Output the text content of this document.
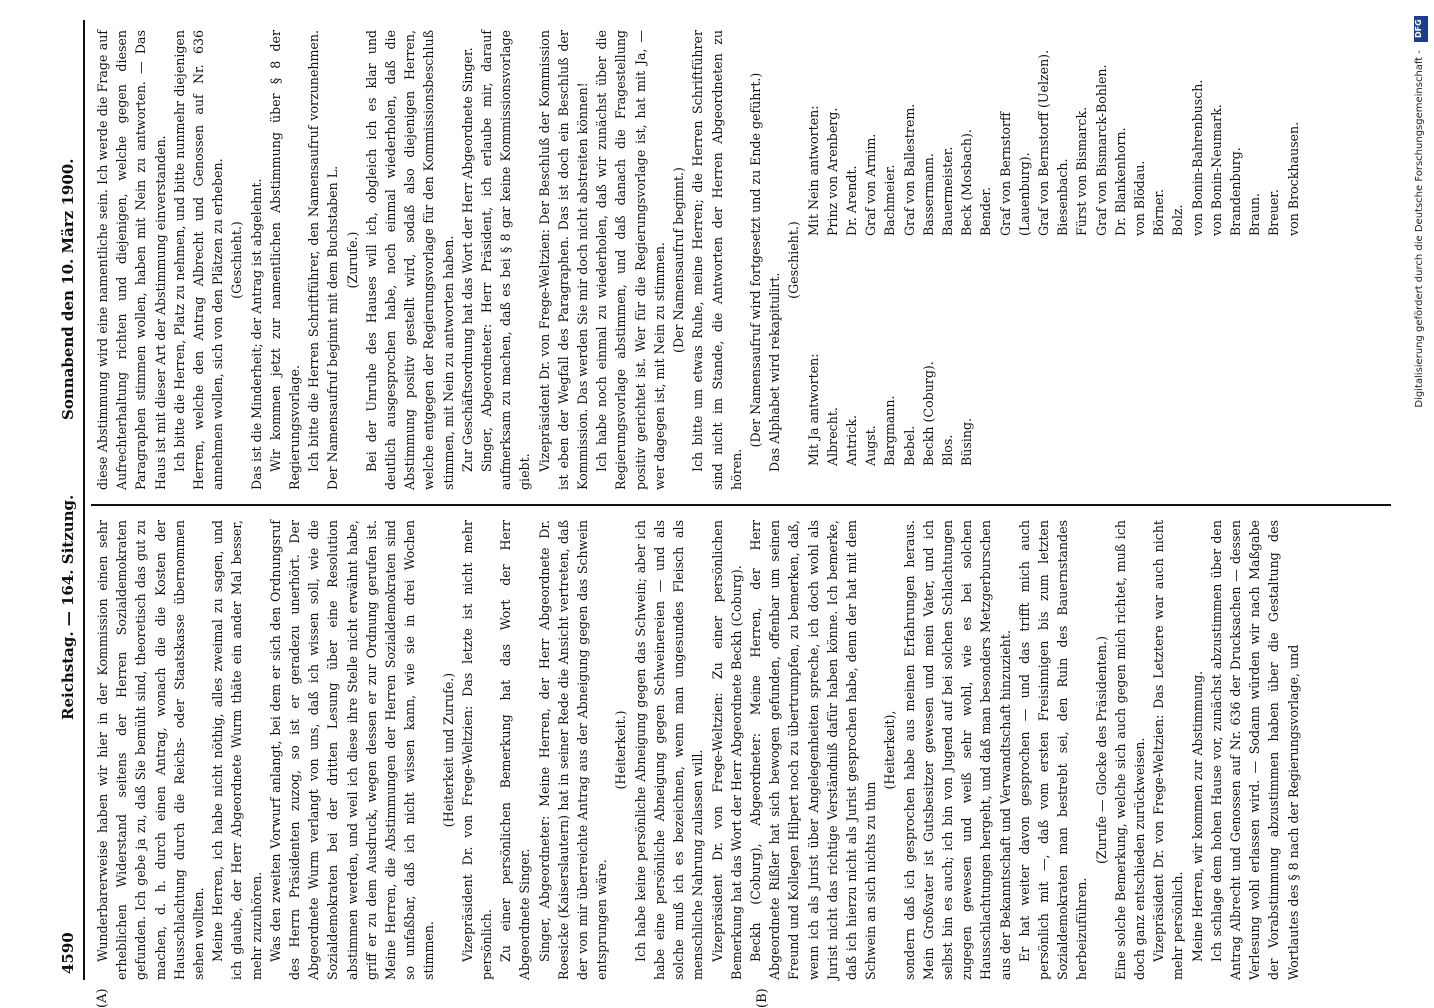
4590
Reichstag. — 164. Sitzung.
Sonnabend den 10. März 1900.
(A)	(B)

Wunderbarerweise haben wir hier in der Kommission einen sehr erheblichen Widerstand seitens der Herren Sozialdemokraten gefunden. Ich gebe ja zu, daß Sie bemüht sind, theoretisch das gut zu machen, d. h. durch einen Antrag, wonach die die Kosten der Hausschlachtung durch die Reichs- oder Staatskasse übernommen sehen wollten. Meine Herren, ich habe nicht nöthig, alles zweimal zu sagen, und ich glaube, der Herr Abgeordnete Wurm thäte ein ander Mal besser, mehr zuzuhören. Was den zweiten Vorwurf anlangt, bei dem er sich den Ordnungsruf des Herrn Präsidenten zuzog, so ist er geradezu unerhört. Der Abgeordnete Wurm verlangt von uns, daß ich wissen soll, wie die Sozialdemokraten bei der dritten Lesung über eine Resolution abstimmen werden, und weil ich diese ihre Stelle nicht erwähnt habe, griff er zu dem Ausdruck, wegen dessen er zur Ordnung gerufen ist. Meine Herren, die Abstimmungen der Herren Sozialdemokraten sind so unfaßbar, daß ich nicht wissen kann, wie sie in drei Wochen stimmen.

(Heiterkeit und Zurufe.) Vizepräsident Dr. von Frege-Weltzien: Das letzte ist nicht mehr persönlich. Zu einer persönlichen Bemerkung hat das Wort der Herr Abgeordnete Singer. Singer, Abgeordneter: Meine Herren, der Herr Abgeordnete Dr. Roesicke (Kaiserslautern) hat in seiner Rede die Ansicht vertreten, daß der von mir überreichte Antrag aus der Abneigung gegen das Schwein entsprungen wäre.

(Heiterkeit.) Ich habe keine persönliche Abneigung gegen das Schwein; aber ich habe eine persönliche Abneigung gegen Schweinereien — und als solche muß ich es bezeichnen, wenn man ungesundes Fleisch als menschliche Nahrung zulassen will. Vizepräsident Dr. von Frege-Weltzien: Zu einer persönlichen Bemerkung hat das Wort der Herr Abgeordnete Beckh (Coburg). Beckh (Coburg), Abgeordneter: Meine Herren, der Herr Abgeordnete Rißler hat sich bewogen gefunden, offenbar um seinen Freund und Kollegen Hilpert noch zu übertrumpfen, zu bemerken, daß, wenn ich als Jurist über Angelegenheiten spreche, ich doch wohl als Jurist nicht das richtige Verständniß dafür haben könne. Ich bemerke, daß ich hierzu nicht als Jurist gesprochen habe, denn der hat mit dem Schwein an sich nichts zu thun

(Heiterkeit), sondern daß ich gesprochen habe aus meinen Erfahrungen heraus. Mein Großvater ist Gutsbesitzer gewesen und mein Vater, und ich selbst bin es auch; ich bin von Jugend auf bei solchen Schlachtungen zugegen gewesen und weiß sehr wohl, wie es bei solchen Hausschlachtungen hergeht, und daß man besonders Metzgerburschen aus der Bekanntschaft und Verwandtschaft hinzuzieht. Er hat weiter davon gesprochen — und das trifft mich auch persönlich mit —, daß vom ersten Freisinnigen bis zum letzten Sozialdemokraten man bestrebt sei, den Ruin des Bauernstandes herbeizuführen.

(Zurufe — Glocke des Präsidenten.) Eine solche Bemerkung, welche sich auch gegen mich richtet, muß ich doch ganz entschieden zurückweisen. Vizepräsident Dr. von Frege-Weltzien: Das Letztere war auch nicht mehr persönlich. Meine Herren, wir kommen zur Abstimmung. Ich schlage dem hohen Hause vor, zunächst abzustimmen über den Antrag Albrecht und Genossen auf Nr. 636 der Drucksachen — dessen Verlesung wohl erlassen wird. — Sodann würden wir nach Maßgabe der Vorabstimmung abzustimmen haben über die Gestaltung des Wortlautes des § 8 nach der Regierungsvorlage, und

diese Abstimmung wird eine namentliche sein. Ich werde die Frage auf Aufrechterhaltung richten und diejenigen, welche gegen diesen Paragraphen stimmen wollen, haben mit Nein zu antworten. — Das Haus ist mit dieser Art der Abstimmung einverstanden. Ich bitte die Herren, Platz zu nehmen, und bitte nunmehr diejenigen Herren, welche den Antrag Albrecht und Genossen auf Nr. 636 annehmen wollen, sich von den Plätzen zu erheben. (Geschieht.) Das ist die Minderheit; der Antrag ist abgelehnt. Wir kommen jetzt zur namentlichen Abstimmung über § 8 der Regierungsvorlage. Ich bitte die Herren Schriftführer, den Namensaufruf vorzunehmen. Der Namensaufruf beginnt mit dem Buchstaben L. (Zurufe.) Bei der Unruhe des Hauses will ich, obgleich ich es klar und deutlich ausgesprochen habe, noch einmal wiederholen, daß die Abstimmung positiv gestellt wird, sodaß also diejenigen Herren, welche entgegen der Regierungsvorlage für den Kommissionsbeschluß stimmen, mit Nein zu antworten haben. Zur Geschäftsordnung hat das Wort der Herr Abgeordnete Singer. Singer, Abgeordneter: Herr Präsident, ich erlaube mir, darauf aufmerksam zu machen, daß es bei § 8 gar keine Kommissionsvorlage giebt. Vizepräsident Dr. von Frege-Weltzien: Der Beschluß der Kommission ist eben der Wegfall des Paragraphen. Das ist doch ein Beschluß der Kommission. Das werden Sie mir doch nicht abstreiten können! Ich habe noch einmal zu wiederholen, daß wir zunächst über die Regierungsvorlage abstimmen, und daß danach die Fragestellung positiv gerichtet ist. Wer für die Regierungsvorlage ist, hat mit Ja, — wer dagegen ist, mit Nein zu stimmen. (Der Namensaufruf beginnt.) Ich bitte um etwas Ruhe, meine Herren; die Herren Schriftführer sind nicht im Stande, die Antworten der Herren Abgeordneten zu hören.

(Der Namensaufruf wird fortgesetzt und zu Ende geführt.) Das Alphabet wird rekapitulirt.

(Geschieht.)

Mit Ja antworten: Albrecht. Antrick. Augst. Bargmann. Bebel. Beckh (Coburg). Blos. Büsing.

Mit Nein antworten: Prinz von Arenberg. Dr. Arendt. Graf von Arnim. Bachmeier. Graf von Ballestrem. Bassermann. Bauermeister. Beck (Mosbach). Bender. Graf von Bernstorff (Lauenburg). Graf von Bernstorff (Uelzen). Biesenbach. Fürst von Bismarck. Graf von Bismarck-Bohlen. Dr. Blankenhorn. von Blödau. Börner. Bolz. von Bonin-Bahrenbusch. von Bonin-Neumark. Brandenburg. Braun. Breuer. von Brockhausen.

DFG
Digitalisierung gefördert durch die Deutsche Forschungsgemeinschaft -
